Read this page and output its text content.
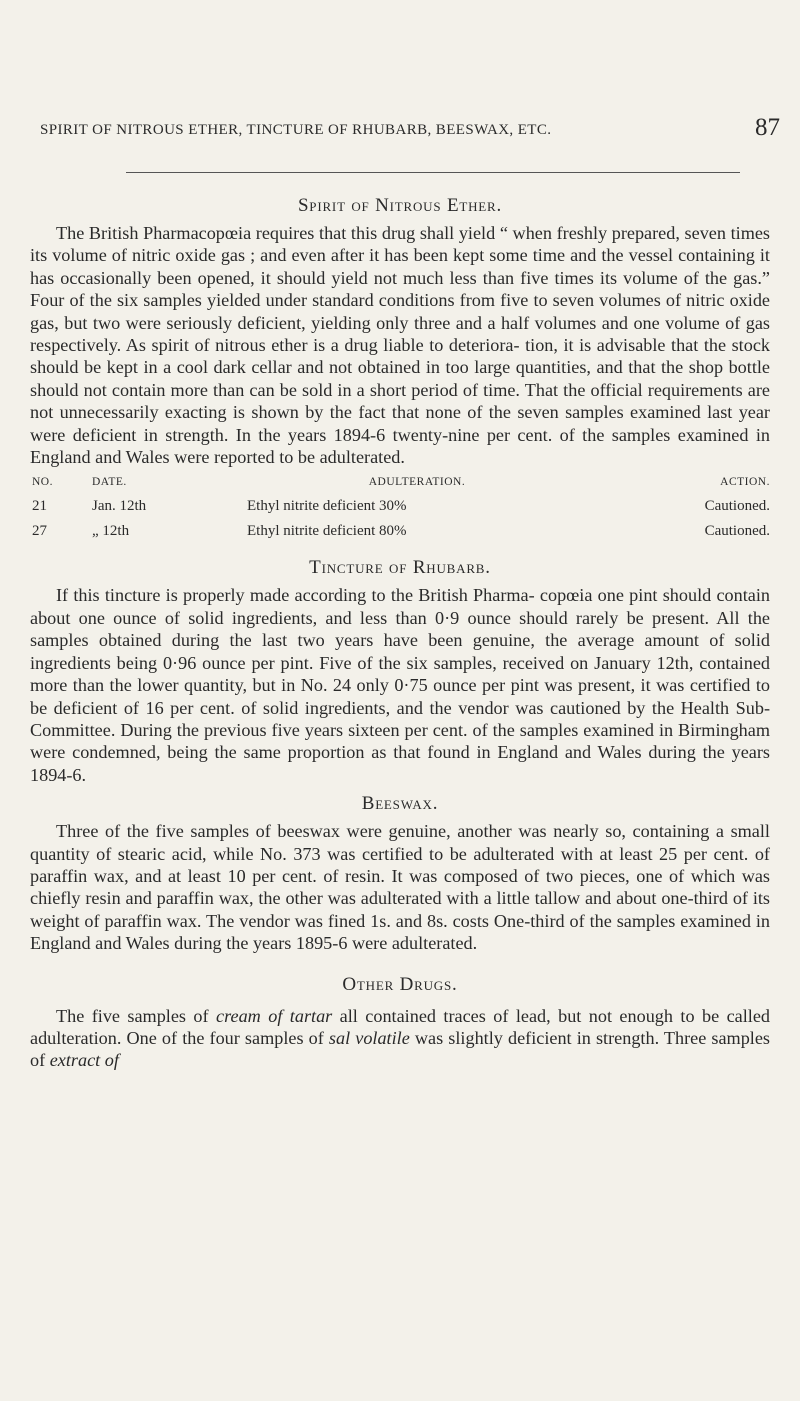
SPIRIT OF NITROUS ETHER, TINCTURE OF RHUBARB, BEESWAX, ETC.	87
Spirit of Nitrous Ether.

The British Pharmacopœia requires that this drug shall yield “ when freshly prepared, seven times its volume of nitric oxide gas ; and even after it has been kept some time and the vessel containing it has occasionally been opened, it should yield not much less than five times its volume of the gas.” Four of the six samples yielded under standard conditions from five to seven volumes of nitric oxide gas, but two were seriously deficient, yielding only three and a half volumes and one volume of gas respectively. As spirit of nitrous ether is a drug liable to deteriora- tion, it is advisable that the stock should be kept in a cool dark cellar and not obtained in too large quantities, and that the shop bottle should not contain more than can be sold in a short period of time. That the official requirements are not unnecessarily exacting is shown by the fact that none of the seven samples examined last year were deficient in strength. In the years 1894-6 twenty-nine per cent. of the samples examined in England and Wales were reported to be adulterated.

NO.	DATE.	ADULTERATION.	ACTION.
21	Jan. 12th	Ethyl nitrite deficient 30%	Cautioned.
27	„ 12th	Ethyl nitrite deficient 80%	Cautioned.
Tincture of Rhubarb.

If this tincture is properly made according to the British Pharma- copœia one pint should contain about one ounce of solid ingredients, and less than 0·9 ounce should rarely be present. All the samples obtained during the last two years have been genuine, the average amount of solid ingredients being 0·96 ounce per pint. Five of the six samples, received on January 12th, contained more than the lower quantity, but in No. 24 only 0·75 ounce per pint was present, it was certified to be deficient of 16 per cent. of solid ingredients, and the vendor was cautioned by the Health Sub-Committee. During the previous five years sixteen per cent. of the samples examined in Birmingham were condemned, being the same proportion as that found in England and Wales during the years 1894-6.

Beeswax.

Three of the five samples of beeswax were genuine, another was nearly so, containing a small quantity of stearic acid, while No. 373 was certified to be adulterated with at least 25 per cent. of paraffin wax, and at least 10 per cent. of resin. It was composed of two pieces, one of which was chiefly resin and paraffin wax, the other was adulterated with a little tallow and about one-third of its weight of paraffin wax. The vendor was fined 1s. and 8s. costs One-third of the samples examined in England and Wales during the years 1895-6 were adulterated.

Other Drugs.

The five samples of cream of tartar all contained traces of lead, but not enough to be called adulteration. One of the four samples of sal volatile was slightly deficient in strength. Three samples of extract of
